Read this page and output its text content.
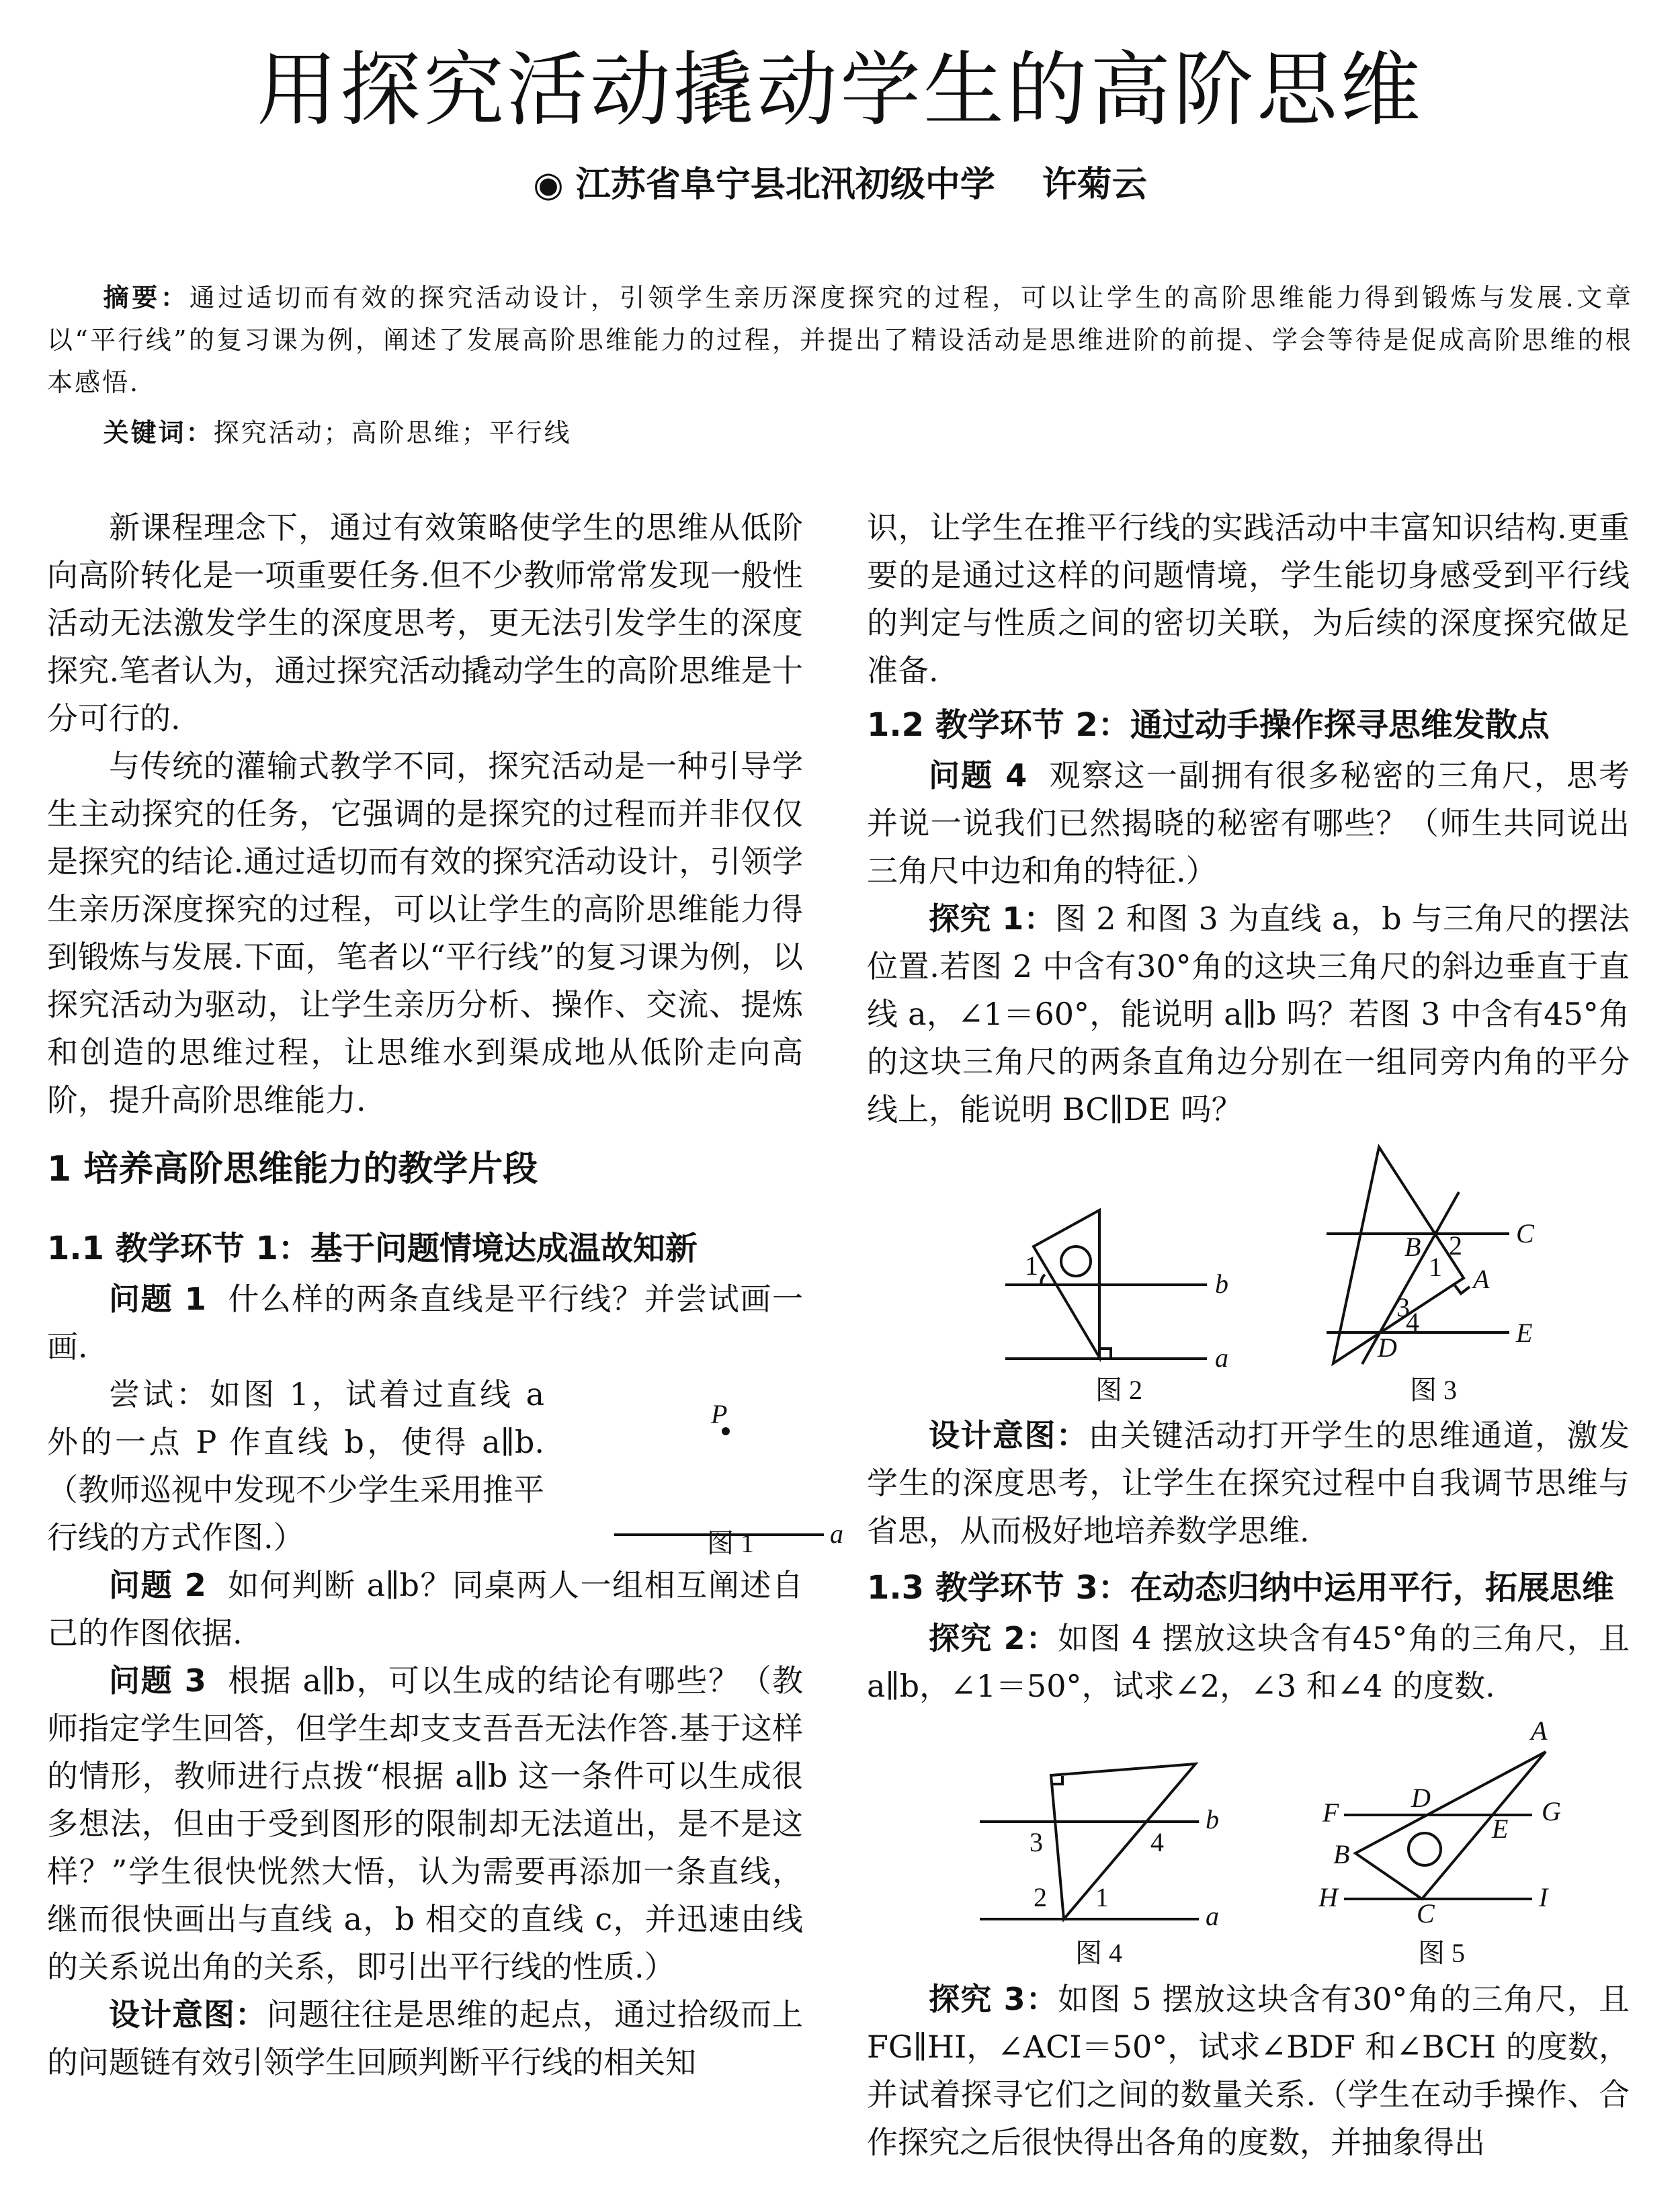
用探究活动撬动学生的高阶思维
◉ 江苏省阜宁县北汛初级中学 许菊云

摘要：通过适切而有效的探究活动设计，引领学生亲历深度探究的过程，可以让学生的高阶思维能力得到锻炼与发展.文章以“平行线”的复习课为例，阐述了发展高阶思维能力的过程，并提出了精设活动是思维进阶的前提、学会等待是促成高阶思维的根本感悟.

关键词：探究活动；高阶思维；平行线

新课程理念下，通过有效策略使学生的思维从低阶向高阶转化是一项重要任务.但不少教师常常发现一般性活动无法激发学生的深度思考，更无法引发学生的深度探究.笔者认为，通过探究活动撬动学生的高阶思维是十分可行的.

与传统的灌输式教学不同，探究活动是一种引导学生主动探究的任务，它强调的是探究的过程而并非仅仅是探究的结论.通过适切而有效的探究活动设计，引领学生亲历深度探究的过程，可以让学生的高阶思维能力得到锻炼与发展.下面，笔者以“平行线”的复习课为例，以探究活动为驱动，让学生亲历分析、操作、交流、提炼和创造的思维过程，让思维水到渠成地从低阶走向高阶，提升高阶思维能力.

1 培养高阶思维能力的教学片段
1.1 教学环节 1：基于问题情境达成温故知新

问题 1 什么样的两条直线是平行线？并尝试画一画.

尝试：如图 1，试着过直线 a 外的一点 P 作直线 b，使得 a∥b.（教师巡视中发现不少学生采用推平行线的方式作图.）

P
a
图 1

问题 2 如何判断 a∥b？同桌两人一组相互阐述自己的作图依据.

问题 3 根据 a∥b，可以生成的结论有哪些？（教师指定学生回答，但学生却支支吾吾无法作答.基于这样的情形，教师进行点拨“根据 a∥b 这一条件可以生成很多想法，但由于受到图形的限制却无法道出，是不是这样？”学生很快恍然大悟，认为需要再添加一条直线，继而很快画出与直线 a，b 相交的直线 c，并迅速由线的关系说出角的关系，即引出平行线的性质.）

设计意图：问题往往是思维的起点，通过拾级而上的问题链有效引领学生回顾判断平行线的相关知

识，让学生在推平行线的实践活动中丰富知识结构.更重要的是通过这样的问题情境，学生能切身感受到平行线的判定与性质之间的密切关联，为后续的深度探究做足准备.

1.2 教学环节 2：通过动手操作探寻思维发散点

问题 4 观察这一副拥有很多秘密的三角尺，思考并说一说我们已然揭晓的秘密有哪些？（师生共同说出三角尺中边和角的特征.）

探究 1：图 2 和图 3 为直线 a，b 与三角尺的摆法位置.若图 2 中含有30°角的这块三角尺的斜边垂直于直线 a，∠1＝60°，能说明 a∥b 吗？若图 3 中含有45°角的这块三角尺的两条直角边分别在一组同旁内角的平分线上，能说明 BC∥DE 吗？

1
b
a
图 2
B 2
1
C
A
3
4
D	E
图 3

设计意图：由关键活动打开学生的思维通道，激发学生的深度思考，让学生在探究过程中自我调节思维与省思，从而极好地培养数学思维.

1.3 教学环节 3：在动态归纳中运用平行，拓展思维

探究 2：如图 4 摆放这块含有45°角的三角尺，且 a∥b，∠1＝50°，试求∠2，∠3 和∠4 的度数.

b
a
3	4
2 1
图 4
A
D
F	G
E
B
H	I
C
图 5

探究 3：如图 5 摆放这块含有30°角的三角尺，且 FG∥HI，∠ACI＝50°，试求∠BDF 和∠BCH 的度数，并试着探寻它们之间的数量关系.（学生在动手操作、合作探究之后很快得出各角的度数，并抽象得出
